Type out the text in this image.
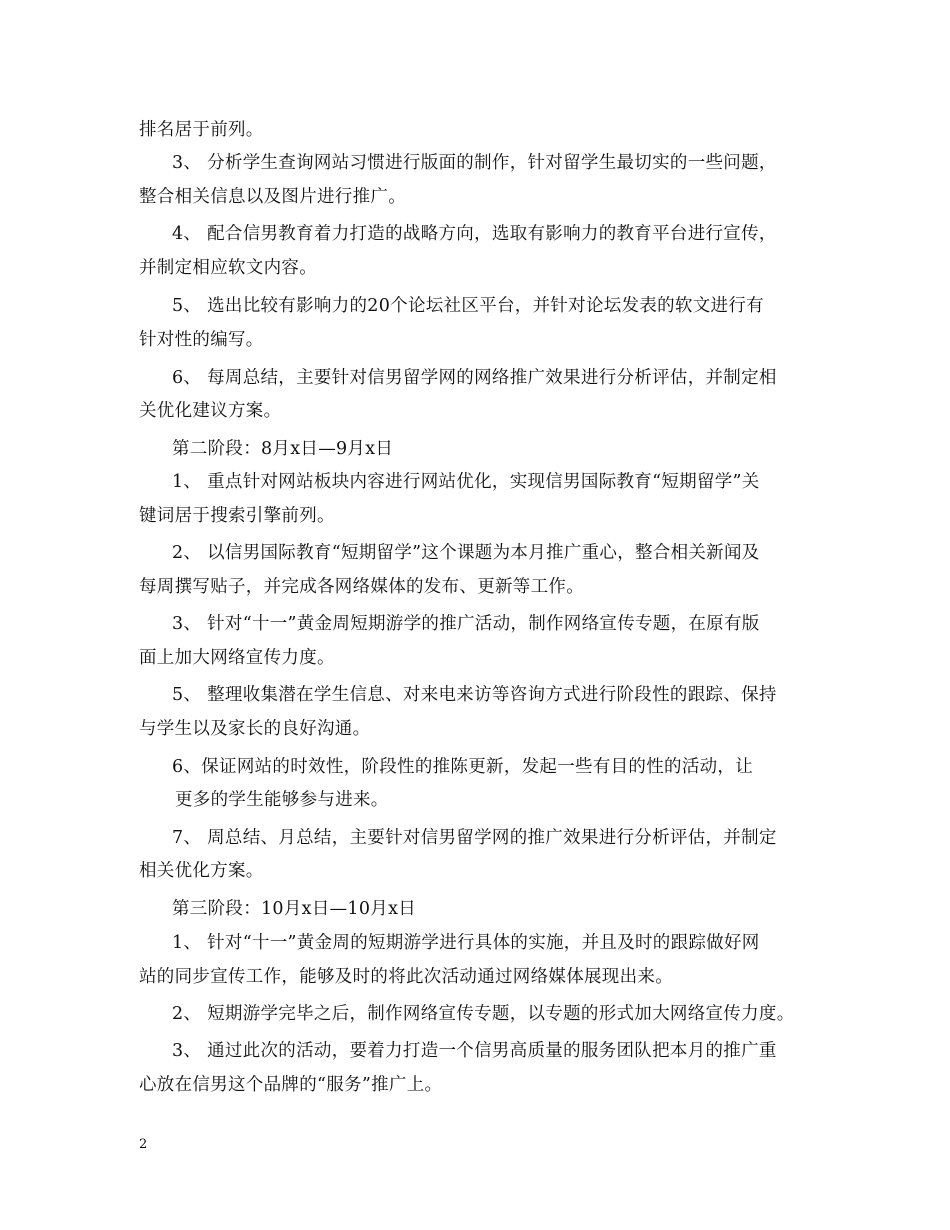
排名居于前列。
3、 分析学生查询网站习惯进行版面的制作，针对留学生最切实的一些问题，
整合相关信息以及图片进行推广。
4、 配合信男教育着力打造的战略方向，选取有影响力的教育平台进行宣传，
并制定相应软文内容。
5、 选出比较有影响力的20个论坛社区平台，并针对论坛发表的软文进行有
针对性的编写。
6、 每周总结，主要针对信男留学网的网络推广效果进行分析评估，并制定相
关优化建议方案。
第二阶段：8月x日—9月x日
1、 重点针对网站板块内容进行网站优化，实现信男国际教育“短期留学”关
键词居于搜索引擎前列。
2、 以信男国际教育“短期留学”这个课题为本月推广重心，整合相关新闻及
每周撰写贴子，并完成各网络媒体的发布、更新等工作。
3、 针对“十一”黄金周短期游学的推广活动，制作网络宣传专题，在原有版
面上加大网络宣传力度。
5、 整理收集潜在学生信息、对来电来访等咨询方式进行阶段性的跟踪、保持
与学生以及家长的良好沟通。
6、保证网站的时效性，阶段性的推陈更新，发起一些有目的性的活动，让
更多的学生能够参与进来。
7、 周总结、月总结，主要针对信男留学网的推广效果进行分析评估，并制定
相关优化方案。
第三阶段：10月x日—10月x日
1、 针对“十一”黄金周的短期游学进行具体的实施，并且及时的跟踪做好网
站的同步宣传工作，能够及时的将此次活动通过网络媒体展现出来。
2、 短期游学完毕之后，制作网络宣传专题，以专题的形式加大网络宣传力度。
3、 通过此次的活动，要着力打造一个信男高质量的服务团队把本月的推广重
心放在信男这个品牌的“服务”推广上。
2
